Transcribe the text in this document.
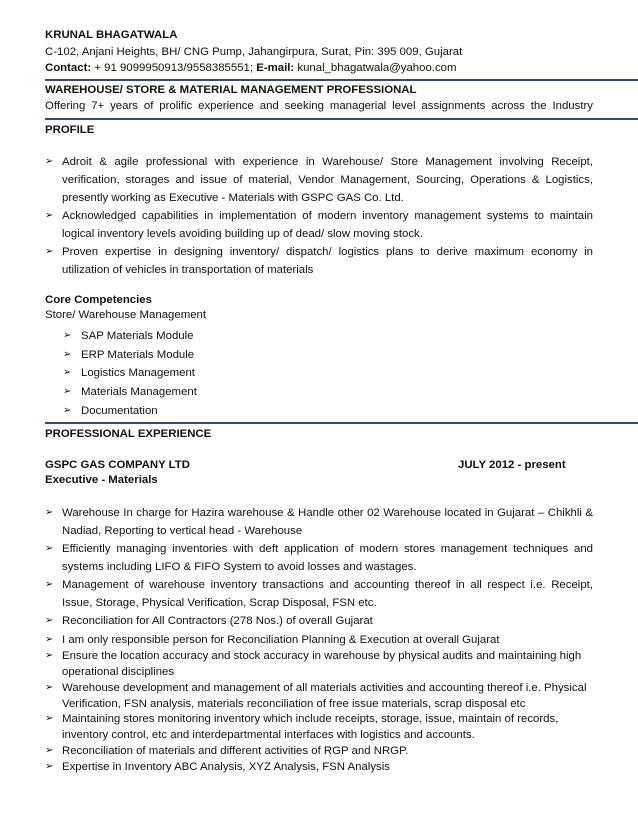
KRUNAL BHAGATWALA
C-102, Anjani Heights, BH/ CNG Pump, Jahangirpura, Surat, Pin: 395 009, Gujarat
Contact: + 91 9099950913/9558385551; E-mail: kunal_bhagatwala@yahoo.com
WAREHOUSE/ STORE & MATERIAL MANAGEMENT PROFESSIONAL
Offering 7+ years of prolific experience and seeking managerial level assignments across the Industry
PROFILE
➢ Adroit & agile professional with experience in Warehouse/ Store Management involving Receipt, verification, storages and issue of material, Vendor Management, Sourcing, Operations & Logistics, presently working as Executive - Materials with GSPC GAS Co. Ltd.
➢ Acknowledged capabilities in implementation of modern inventory management systems to maintain logical inventory levels avoiding building up of dead/ slow moving stock.
➢ Proven expertise in designing inventory/ dispatch/ logistics plans to derive maximum economy in utilization of vehicles in transportation of materials
Core Competencies
Store/ Warehouse Management
➢ SAP Materials Module
➢ ERP Materials Module
➢ Logistics Management
➢ Materials Management
➢ Documentation
PROFESSIONAL EXPERIENCE
GSPC GAS COMPANY LTD	JULY 2012 - present
Executive - Materials
➢ Warehouse In charge for Hazira warehouse & Handle other 02 Warehouse located in Gujarat – Chikhli & Nadiad, Reporting to vertical head - Warehouse
➢ Efficiently managing inventories with deft application of modern stores management techniques and systems including LIFO & FIFO System to avoid losses and wastages.
➢ Management of warehouse inventory transactions and accounting thereof in all respect i.e. Receipt, Issue, Storage, Physical Verification, Scrap Disposal, FSN etc.
➢ Reconciliation for All Contractors (278 Nos.) of overall Gujarat
➢ I am only responsible person for Reconciliation Planning & Execution at overall Gujarat
➢ Ensure the location accuracy and stock accuracy in warehouse by physical audits and maintaining high operational disciplines
➢ Warehouse development and management of all materials activities and accounting thereof i.e. Physical Verification, FSN analysis, materials reconciliation of free issue materials, scrap disposal etc
➢ Maintaining stores monitoring inventory which include receipts, storage, issue, maintain of records, inventory control, etc and interdepartmental interfaces with logistics and accounts.
➢ Reconciliation of materials and different activities of RGP and NRGP.
➢ Expertise in Inventory ABC Analysis, XYZ Analysis, FSN Analysis
